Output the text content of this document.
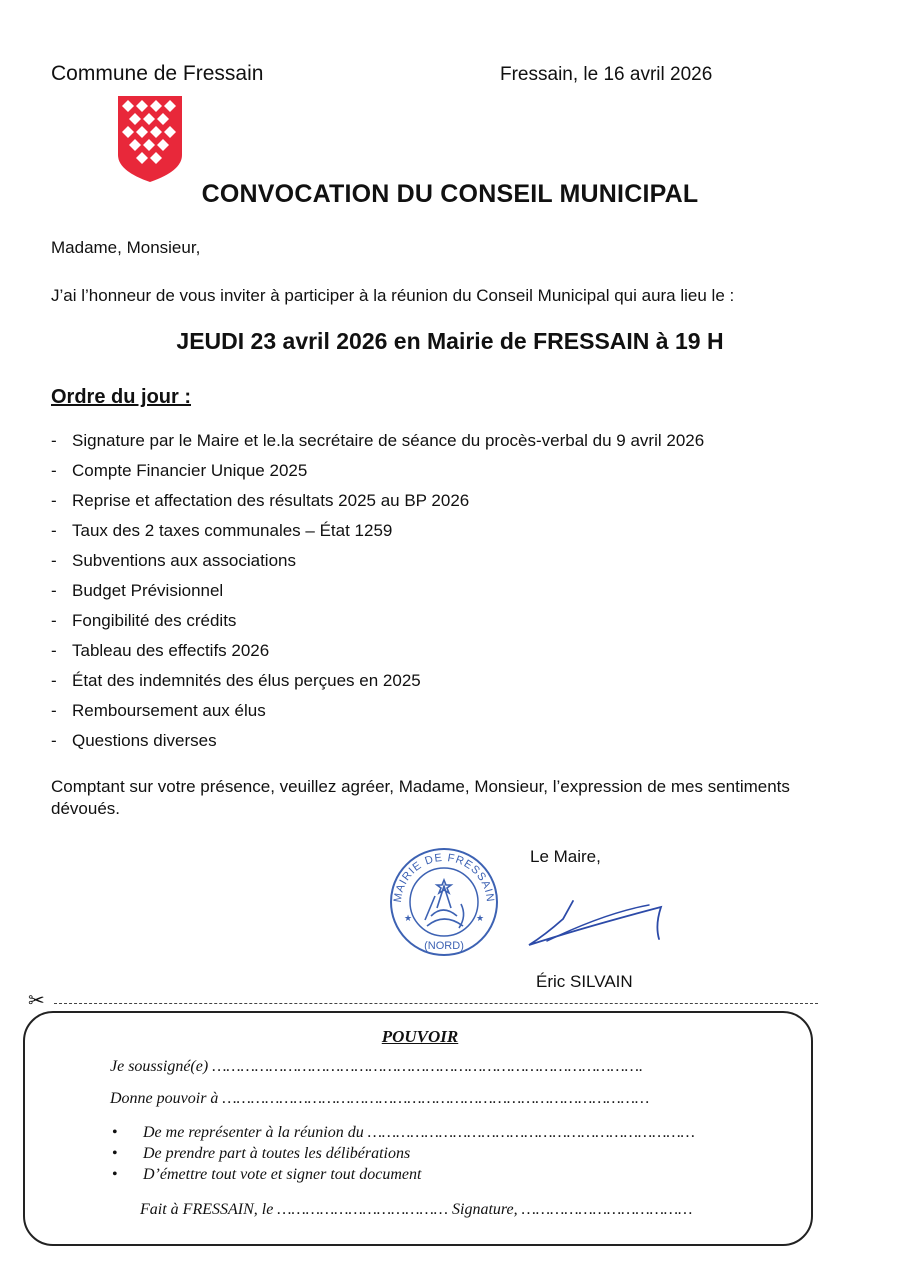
Commune de Fressain	Fressain, le 16 avril 2026
CONVOCATION DU CONSEIL MUNICIPAL
Madame, Monsieur,
J’ai l’honneur de vous inviter à participer à la réunion du Conseil Municipal qui aura lieu le :
JEUDI 23 avril 2026 en Mairie de FRESSAIN à 19 H
Ordre du jour :
- Signature par le Maire et le.la secrétaire de séance du procès-verbal du 9 avril 2026
- Compte Financier Unique 2025
- Reprise et affectation des résultats 2025 au BP 2026
- Taux des 2 taxes communales – État 1259
- Subventions aux associations
- Budget Prévisionnel
- Fongibilité des crédits
- Tableau des effectifs 2026
- État des indemnités des élus perçues en 2025
- Remboursement aux élus
- Questions diverses
Comptant sur votre présence, veuillez agréer, Madame, Monsieur, l’expression de mes sentiments dévoués.
MAIRIE DE FRESSAIN
(NORD)
★	★
Le Maire,
Éric SILVAIN
✂
POUVOIR
Je soussigné(e) ……………………………………………………………………………….
Donne pouvoir à ………………………………………………………………………………
• De me représenter à la réunion du ……………………………………………………………
• De prendre part à toutes les délibérations
• D’émettre tout vote et signer tout document
Fait à FRESSAIN, le ……………………………… Signature, ………………………………
